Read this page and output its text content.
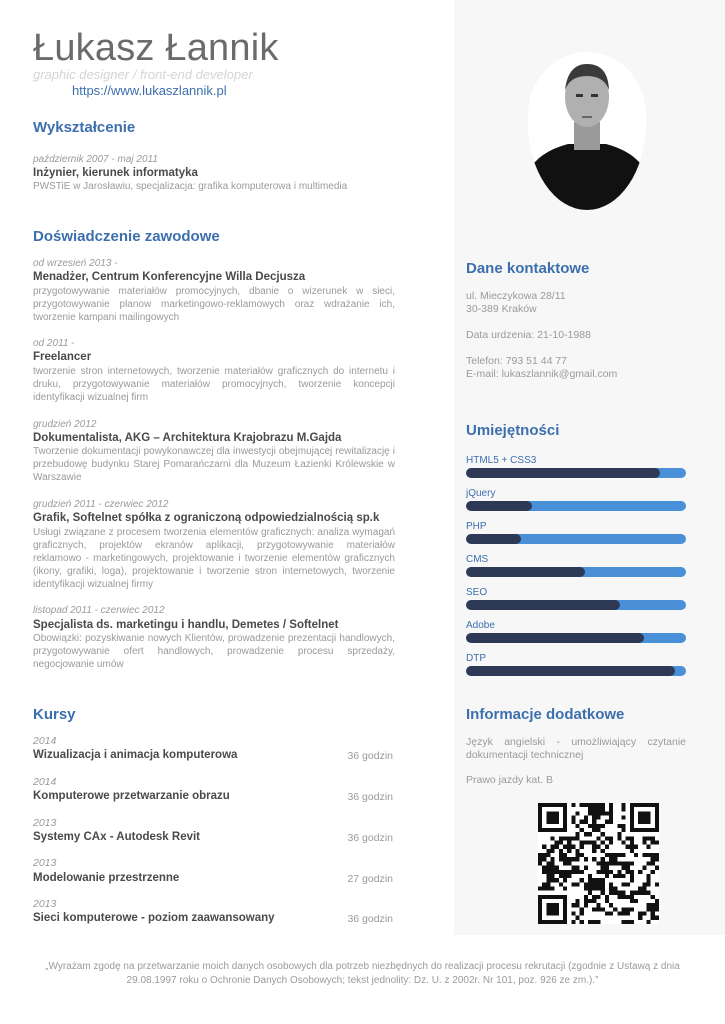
Łukasz Łannik
graphic designer / front-end developer
https://www.lukaszlannik.pl
Wykształcenie
październik 2007 - maj 2011
Inżynier, kierunek informatyka
PWSTiE w Jarosławiu, specjalizacja: grafika komputerowa i multimedia
Doświadczenie zawodowe
od wrzesień 2013 -
Menadżer, Centrum Konferencyjne Willa Decjusza
przygotowywanie materiałów promocyjnych, dbanie o wizerunek w sieci, przygotowywanie planow marketingowo-reklamowych oraz wdrażanie ich, tworzenie kampani mailingowych
od 2011 -
Freelancer
tworzenie stron internetowych, tworzenie materiałów graficznych do internetu i druku, przygotowywanie materiałów promocyjnych, tworzenie koncepcji identyfikacji wizualnej firm
grudzień 2012
Dokumentalista, AKG – Architektura Krajobrazu M.Gajda
Tworzenie dokumentacji powykonawczej dla inwestycji obejmującej rewitalizację i przebudowę budynku Starej Pomarańczarni dla Muzeum Łazienki Królewskie w Warszawie
grudzień 2011 - czerwiec 2012
Grafik, Softelnet spółka z ograniczoną odpowiedzialnością sp.k
Usługi związane z procesem tworzenia elementów graficznych: analiza wymagań graficznych, projektów ekranów aplikacji, przygotowywanie materiałów reklamowo - marketingowych, projektowanie i tworzenie elementów graficznych (ikony, grafiki, loga), projektowanie i tworzenie stron internetowych, tworzenie identyfikacji wizualnej firmy
listopad 2011 - czerwiec 2012
Specjalista ds. marketingu i handlu, Demetes / Softelnet
Obowiązki: pozyskiwanie nowych Klientów, prowadzenie prezentacji handlowych, przygotowywanie ofert handlowych, prowadzenie procesu sprzedaży, negocjowanie umów
Kursy
2014
Wizualizacja i animacja komputerowa	36 godzin
2014
Komputerowe przetwarzanie obrazu	36 godzin
2013
Systemy CAx - Autodesk Revit	36 godzin
2013
Modelowanie przestrzenne	27 godzin
2013
Sieci komputerowe - poziom zaawansowany	36 godzin
Dane kontaktowe
ul. Mieczykowa 28/11
30-389 Kraków
Data urdzenia: 21-10-1988
Telefon: 793 51 44 77
E-mail: lukaszlannik@gmail.com
Umiejętności
HTML5 + CSS3
jQuery
PHP
CMS
SEO
Adobe
DTP
Informacje dodatkowe
Język angielski - umożliwiający czytanie dokumentacji technicznej
Prawo jazdy kat. B
„Wyrażam zgodę na przetwarzanie moich danych osobowych dla potrzeb niezbędnych do realizacji procesu rekrutacji (zgodnie z Ustawą z dnia 29.08.1997 roku o Ochronie Danych Osobowych; tekst jednolity: Dz. U. z 2002r. Nr 101, poz. 926 ze zm.).”
